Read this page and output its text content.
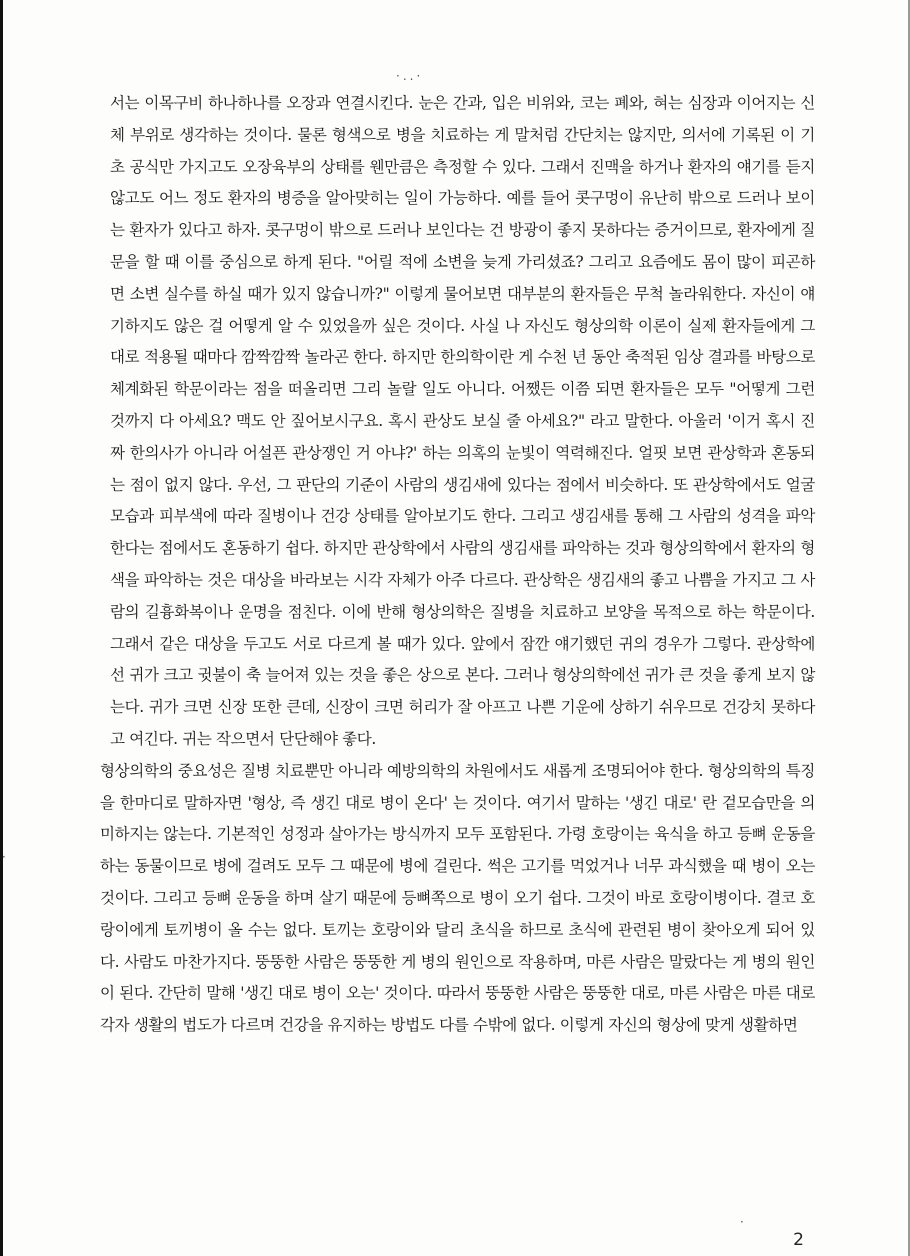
·..·
·
·

서는 이목구비 하나하나를 오장과 연결시킨다. 눈은 간과, 입은 비위와, 코는 폐와, 혀는 심장과 이어지는 신체 부위로 생각하는 것이다. 물론 형색으로 병을 치료하는 게 말처럼 간단치는 않지만, 의서에 기록된 이 기초 공식만 가지고도 오장육부의 상태를 웬만큼은 측정할 수 있다. 그래서 진맥을 하거나 환자의 얘기를 듣지 않고도 어느 정도 환자의 병증을 알아맞히는 일이 가능하다. 예를 들어 콧구멍이 유난히 밖으로 드러나 보이는 환자가 있다고 하자. 콧구멍이 밖으로 드러나 보인다는 건 방광이 좋지 못하다는 증거이므로, 환자에게 질문을 할 때 이를 중심으로 하게 된다. "어릴 적에 소변을 늦게 가리셨죠? 그리고 요즘에도 몸이 많이 피곤하면 소변 실수를 하실 때가 있지 않습니까?" 이렇게 물어보면 대부분의 환자들은 무척 놀라워한다. 자신이 얘기하지도 않은 걸 어떻게 알 수 있었을까 싶은 것이다. 사실 나 자신도 형상의학 이론이 실제 환자들에게 그대로 적용될 때마다 깜짝깜짝 놀라곤 한다. 하지만 한의학이란 게 수천 년 동안 축적된 임상 결과를 바탕으로 체계화된 학문이라는 점을 떠올리면 그리 놀랄 일도 아니다. 어쨌든 이쯤 되면 환자들은 모두 "어떻게 그런 것까지 다 아세요? 맥도 안 짚어보시구요. 혹시 관상도 보실 줄 아세요?" 라고 말한다. 아울러 '이거 혹시 진짜 한의사가 아니라 어설픈 관상쟁인 거 아냐?' 하는 의혹의 눈빛이 역력해진다. 얼핏 보면 관상학과 혼동되는 점이 없지 않다. 우선, 그 판단의 기준이 사람의 생김새에 있다는 점에서 비슷하다. 또 관상학에서도 얼굴 모습과 피부색에 따라 질병이나 건강 상태를 알아보기도 한다. 그리고 생김새를 통해 그 사람의 성격을 파악한다는 점에서도 혼동하기 쉽다. 하지만 관상학에서 사람의 생김새를 파악하는 것과 형상의학에서 환자의 형색을 파악하는 것은 대상을 바라보는 시각 자체가 아주 다르다. 관상학은 생김새의 좋고 나쁨을 가지고 그 사람의 길흉화복이나 운명을 점친다. 이에 반해 형상의학은 질병을 치료하고 보양을 목적으로 하는 학문이다. 그래서 같은 대상을 두고도 서로 다르게 볼 때가 있다. 앞에서 잠깐 얘기했던 귀의 경우가 그렇다. 관상학에선 귀가 크고 귓불이 축 늘어져 있는 것을 좋은 상으로 본다. 그러나 형상의학에선 귀가 큰 것을 좋게 보지 않는다. 귀가 크면 신장 또한 큰데, 신장이 크면 허리가 잘 아프고 나쁜 기운에 상하기 쉬우므로 건강치 못하다고 여긴다. 귀는 작으면서 단단해야 좋다.

형상의학의 중요성은 질병 치료뿐만 아니라 예방의학의 차원에서도 새롭게 조명되어야 한다. 형상의학의 특징을 한마디로 말하자면 '형상, 즉 생긴 대로 병이 온다' 는 것이다. 여기서 말하는 '생긴 대로' 란 겉모습만을 의미하지는 않는다. 기본적인 성정과 살아가는 방식까지 모두 포함된다. 가령 호랑이는 육식을 하고 등뼈 운동을 하는 동물이므로 병에 걸려도 모두 그 때문에 병에 걸린다. 썩은 고기를 먹었거나 너무 과식했을 때 병이 오는 것이다. 그리고 등뼈 운동을 하며 살기 때문에 등뼈쪽으로 병이 오기 쉽다. 그것이 바로 호랑이병이다. 결코 호랑이에게 토끼병이 올 수는 없다. 토끼는 호랑이와 달리 초식을 하므로 초식에 관련된 병이 찾아오게 되어 있다. 사람도 마찬가지다. 뚱뚱한 사람은 뚱뚱한 게 병의 원인으로 작용하며, 마른 사람은 말랐다는 게 병의 원인이 된다. 간단히 말해 '생긴 대로 병이 오는' 것이다. 따라서 뚱뚱한 사람은 뚱뚱한 대로, 마른 사람은 마른 대로 각자 생활의 법도가 다르며 건강을 유지하는 방법도 다를 수밖에 없다. 이렇게 자신의 형상에 맞게 생활하면

2
